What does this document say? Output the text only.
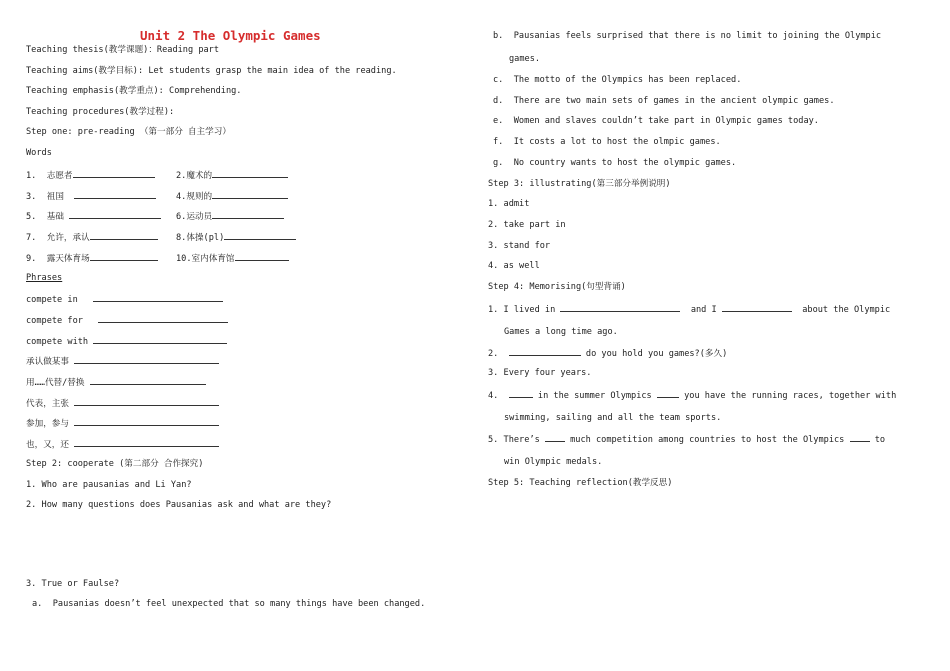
Unit 2 The Olympic Games
Teaching thesis(教学课题)：Reading part
Teaching aims(教学目标): Let students grasp the main idea of the reading.
Teaching emphasis(教学重点): Comprehending.
Teaching procedures(教学过程):
Step one: pre-reading （第一部分 自主学习）
Words
1. 志愿者	2.魔术的
3. 祖国	4.规则的
5. 基础	6.运动员
7. 允许，承认	8.体操(pl)
9. 露天体育场	10.室内体育馆
Phrases
compete in
compete for
compete with
承认做某事
用……代替/替换
代表，主张
参加，参与
也，又，还
Step 2: cooperate (第二部分 合作探究)
1. Who are pausanias and Li Yan?
2. How many questions does Pausanias ask and what are they?
3. True or Faulse?
a. Pausanias doesn’t feel unexpected that so many things have been changed.
b. Pausanias feels surprised that there is no limit to joining the Olympic
games.
c. The motto of the Olympics has been replaced.
d. There are two main sets of games in the ancient olympic games.
e. Women and slaves couldn’t take part in Olympic games today.
f. It costs a lot to host the olmpic games.
g. No country wants to host the olympic games.
Step 3: illustrating(第三部分举例说明)
1. admit
2. take part in
3. stand for
4. as well
Step 4: Memorising(句型背诵)
1. I lived in	and I	about the Olympic
Games a long time ago.
2.	do you hold you games?(多久)
3. Every four years.
4.	in the summer Olympics	you have the running races, together with
swimming, sailing and all the team sports.
5. There’s	much competition among countries to host the Olympics	to
win Olympic medals.
Step 5: Teaching reflection(教学反思)
